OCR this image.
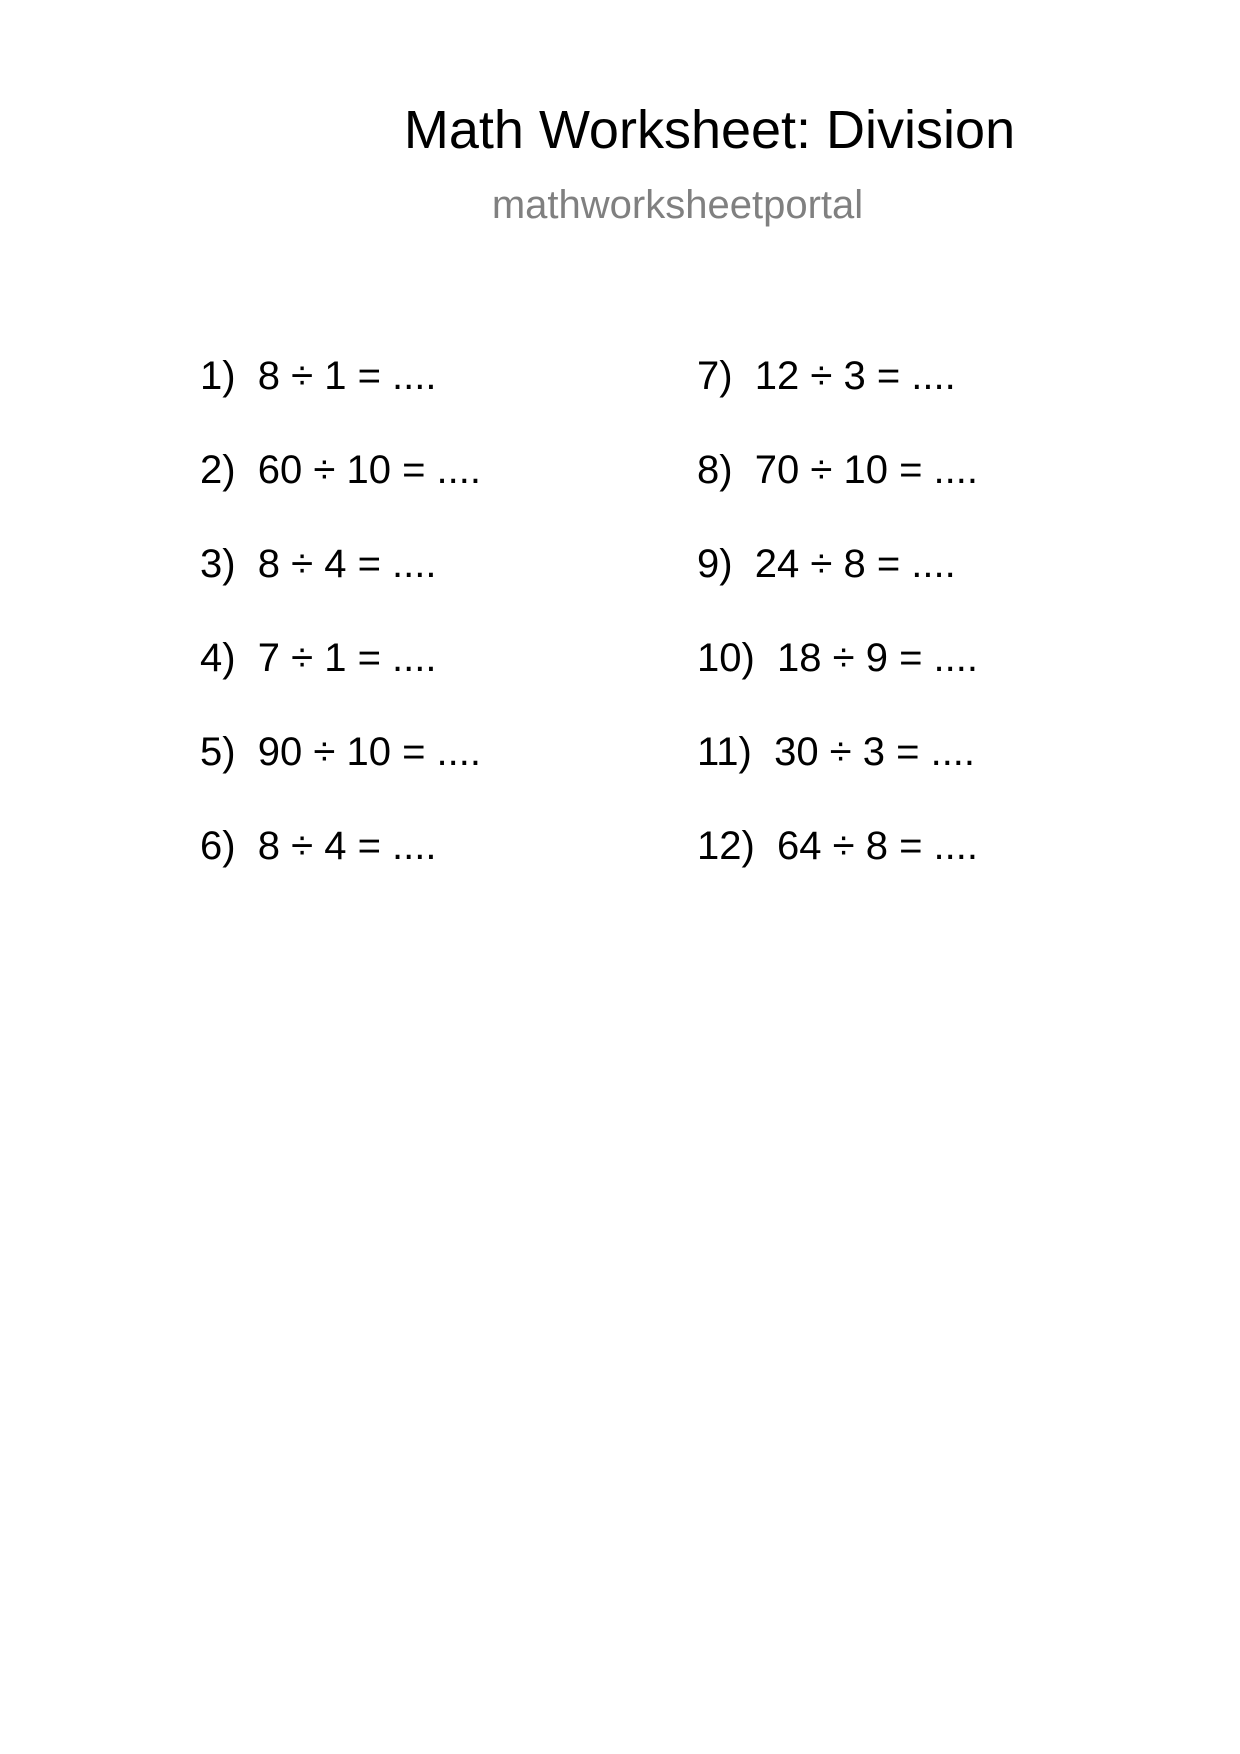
Math Worksheet: Division
mathworksheetportal
1)  8 ÷ 1 = ....
2)  60 ÷ 10 = ....
3)  8 ÷ 4 = ....
4)  7 ÷ 1 = ....
5)  90 ÷ 10 = ....
6)  8 ÷ 4 = ....
7)  12 ÷ 3 = ....
8)  70 ÷ 10 = ....
9)  24 ÷ 8 = ....
10)  18 ÷ 9 = ....
11)  30 ÷ 3 = ....
12)  64 ÷ 8 = ....
